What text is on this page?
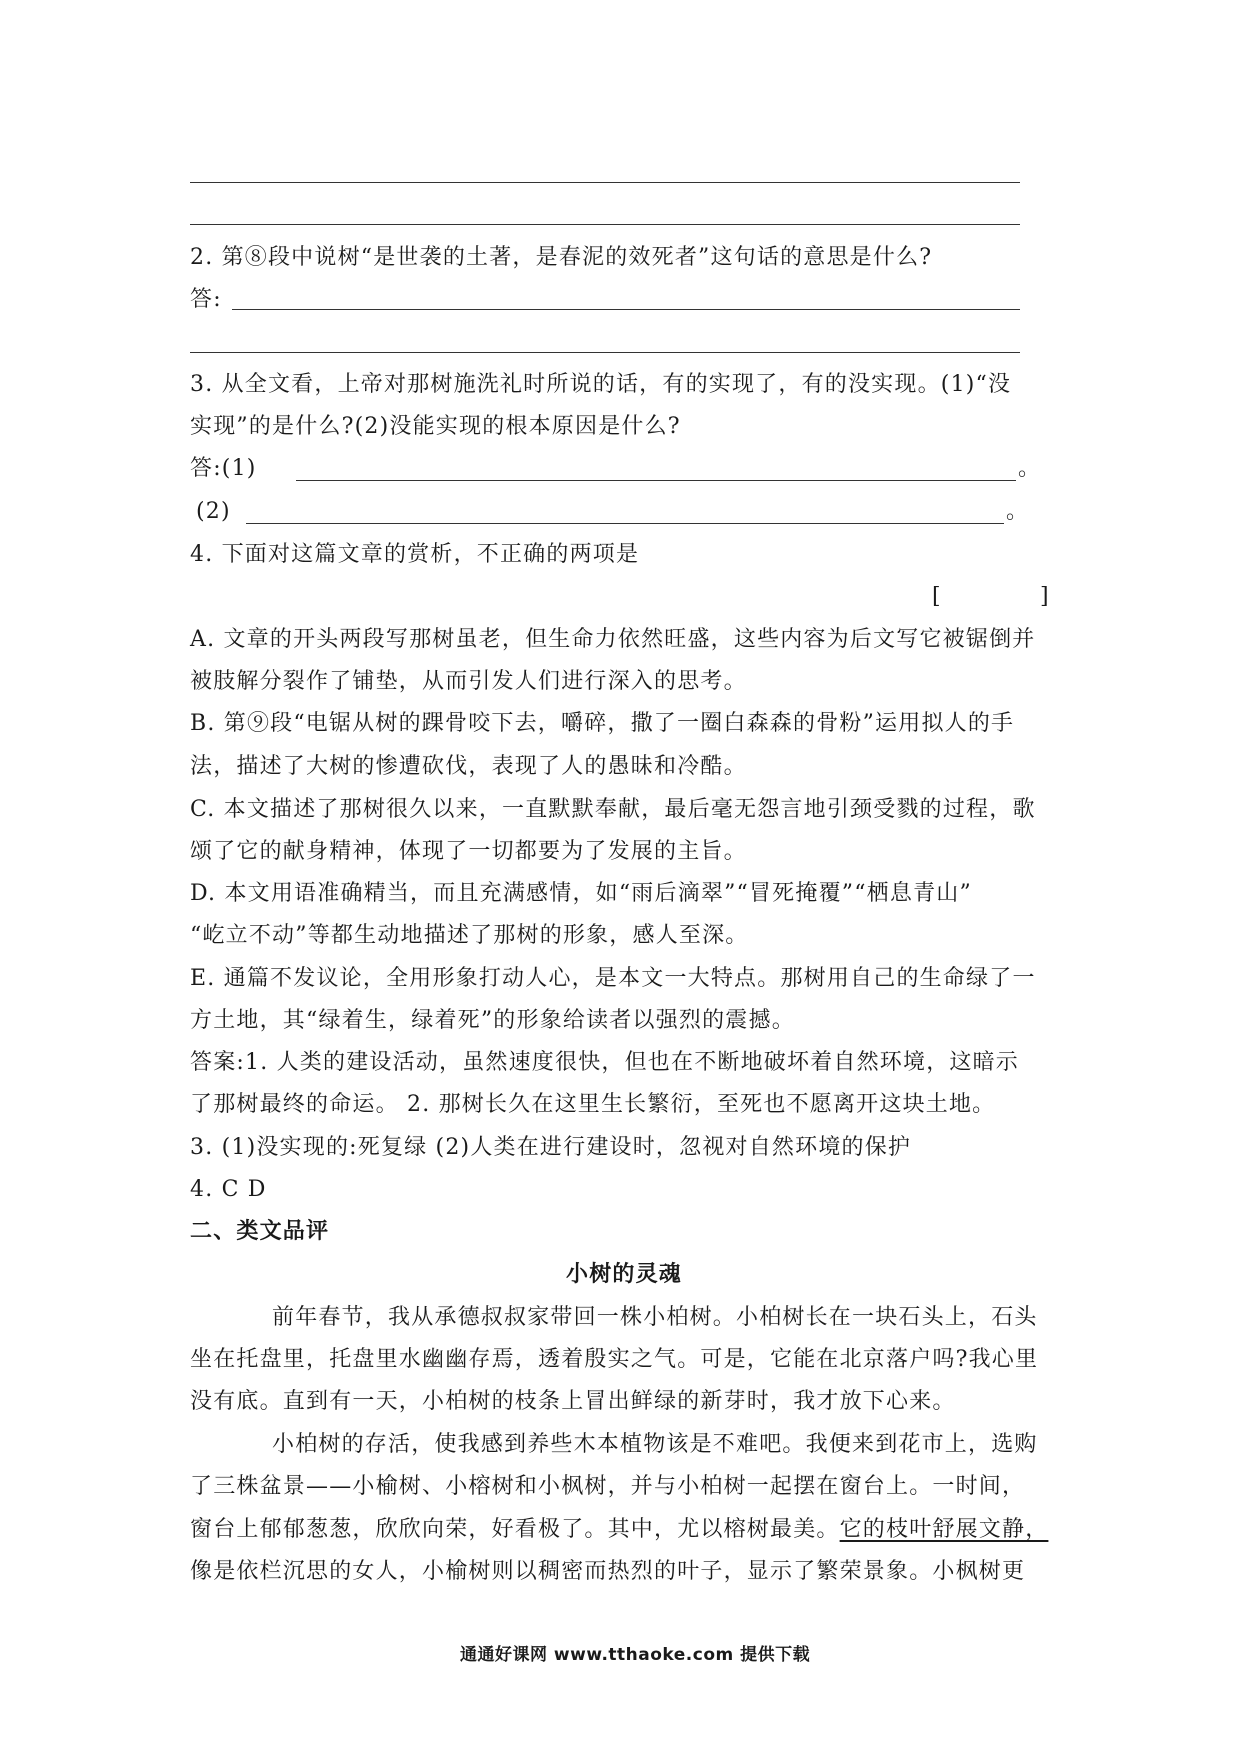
2. 第⑧段中说树“是世袭的土著，是春泥的效死者”这句话的意思是什么?
答:
3. 从全文看，上帝对那树施洗礼时所说的话，有的实现了，有的没实现。(1)“没
实现”的是什么?(2)没能实现的根本原因是什么?
答:(1)	。
(2)	。
4. 下面对这篇文章的赏析，不正确的两项是
[	]
A. 文章的开头两段写那树虽老，但生命力依然旺盛，这些内容为后文写它被锯倒并
被肢解分裂作了铺垫，从而引发人们进行深入的思考。
B. 第⑨段“电锯从树的踝骨咬下去，嚼碎，撒了一圈白森森的骨粉”运用拟人的手
法，描述了大树的惨遭砍伐，表现了人的愚昧和冷酷。
C. 本文描述了那树很久以来，一直默默奉献，最后毫无怨言地引颈受戮的过程，歌
颂了它的献身精神，体现了一切都要为了发展的主旨。
D. 本文用语准确精当，而且充满感情，如“雨后滴翠”“冒死掩覆”“栖息青山”
“屹立不动”等都生动地描述了那树的形象，感人至深。
E. 通篇不发议论，全用形象打动人心，是本文一大特点。那树用自己的生命绿了一
方土地，其“绿着生，绿着死”的形象给读者以强烈的震撼。
答案:1. 人类的建设活动，虽然速度很快，但也在不断地破坏着自然环境，这暗示
了那树最终的命运。 2. 那树长久在这里生长繁衍，至死也不愿离开这块土地。
3. (1)没实现的:死复绿 (2)人类在进行建设时，忽视对自然环境的保护
4. C D
二、类文品评
小树的灵魂
前年春节，我从承德叔叔家带回一株小柏树。小柏树长在一块石头上，石头
坐在托盘里，托盘里水幽幽存焉，透着殷实之气。可是，它能在北京落户吗?我心里
没有底。直到有一天，小柏树的枝条上冒出鲜绿的新芽时，我才放下心来。
小柏树的存活，使我感到养些木本植物该是不难吧。我便来到花市上，选购
了三株盆景——小榆树、小榕树和小枫树，并与小柏树一起摆在窗台上。一时间，
窗台上郁郁葱葱，欣欣向荣，好看极了。其中，尤以榕树最美。它的枝叶舒展文静，
像是依栏沉思的女人，小榆树则以稠密而热烈的叶子，显示了繁荣景象。小枫树更
通通好课网 www.tthaoke.com 提供下载
